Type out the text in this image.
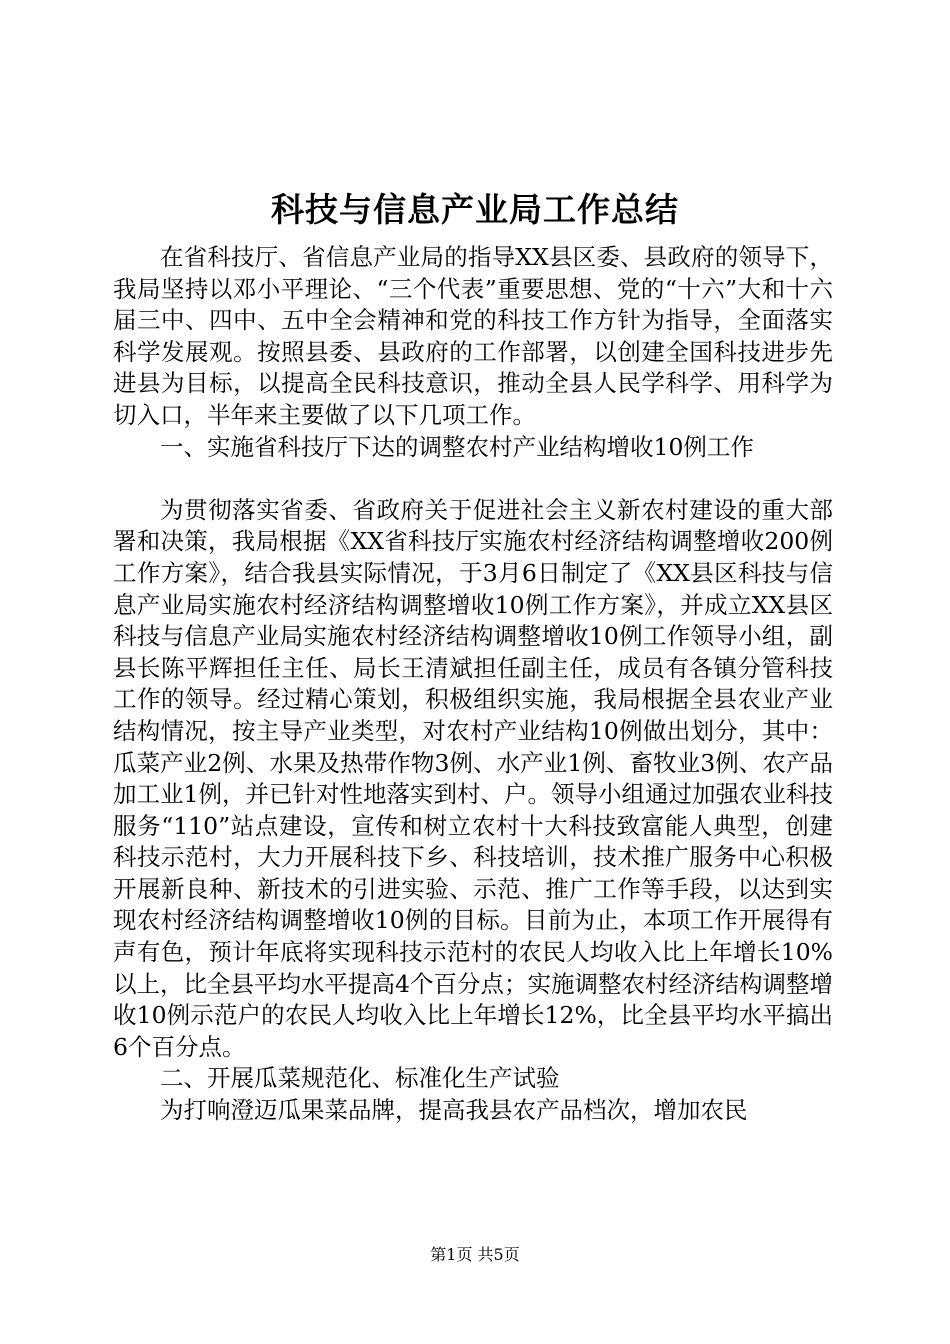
科技与信息产业局工作总结

在省科技厅、省信息产业局的指导XX县区委、县政府的领导下，我局坚持以邓小平理论、“三个代表”重要思想、党的“十六”大和十六届三中、四中、五中全会精神和党的科技工作方针为指导，全面落实科学发展观。按照县委、县政府的工作部署，以创建全国科技进步先进县为目标，以提高全民科技意识，推动全县人民学科学、用科学为切入口，半年来主要做了以下几项工作。

一、实施省科技厅下达的调整农村产业结构增收10例工作

为贯彻落实省委、省政府关于促进社会主义新农村建设的重大部署和决策，我局根据《XX省科技厅实施农村经济结构调整增收200例工作方案》，结合我县实际情况，于3月6日制定了《XX县区科技与信息产业局实施农村经济结构调整增收10例工作方案》，并成立XX县区科技与信息产业局实施农村经济结构调整增收10例工作领导小组，副县长陈平辉担任主任、局长王清斌担任副主任，成员有各镇分管科技工作的领导。经过精心策划，积极组织实施，我局根据全县农业产业结构情况，按主导产业类型，对农村产业结构10例做出划分，其中：瓜菜产业2例、水果及热带作物3例、水产业1例、畜牧业3例、农产品加工业1例，并已针对性地落实到村、户。领导小组通过加强农业科技服务“110”站点建设，宣传和树立农村十大科技致富能人典型，创建科技示范村，大力开展科技下乡、科技培训，技术推广服务中心积极开展新良种、新技术的引进实验、示范、推广工作等手段，以达到实现农村经济结构调整增收10例的目标。目前为止，本项工作开展得有声有色，预计年底将实现科技示范村的农民人均收入比上年增长10%以上，比全县平均水平提高4个百分点；实施调整农村经济结构调整增收10例示范户的农民人均收入比上年增长12%，比全县平均水平搞出6个百分点。

二、开展瓜菜规范化、标准化生产试验

为打响澄迈瓜果菜品牌，提高我县农产品档次，增加农民

第1页 共5页
